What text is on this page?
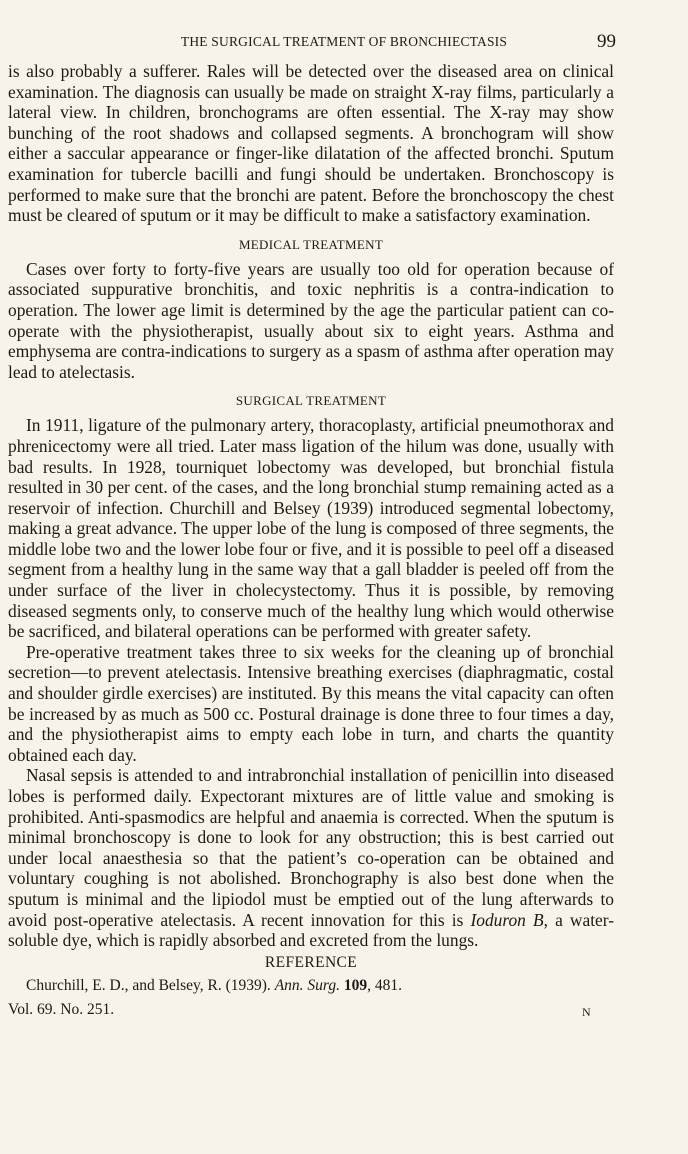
THE SURGICAL TREATMENT OF BRONCHIECTASIS	99

is also probably a sufferer. Rales will be detected over the diseased area on clinical examination. The diagnosis can usually be made on straight X-ray films, particularly a lateral view. In children, bronchograms are often essential. The X-ray may show bunching of the root shadows and collapsed segments. A bronchogram will show either a saccular appearance or finger-like dilatation of the affected bronchi. Sputum examination for tubercle bacilli and fungi should be undertaken. Bronchoscopy is performed to make sure that the bronchi are patent. Before the bronchoscopy the chest must be cleared of sputum or it may be difficult to make a satisfactory examination.

MEDICAL TREATMENT

Cases over forty to forty-five years are usually too old for operation because of associated suppurative bronchitis, and toxic nephritis is a contra-indication to operation. The lower age limit is determined by the age the particular patient can co-operate with the physiotherapist, usually about six to eight years. Asthma and emphysema are contra-indications to surgery as a spasm of asthma after operation may lead to atelectasis.

SURGICAL TREATMENT

In 1911, ligature of the pulmonary artery, thoracoplasty, artificial pneumothorax and phrenicectomy were all tried. Later mass ligation of the hilum was done, usually with bad results. In 1928, tourniquet lobectomy was developed, but bronchial fistula resulted in 30 per cent. of the cases, and the long bronchial stump remaining acted as a reservoir of infection. Churchill and Belsey (1939) introduced segmental lobectomy, making a great advance. The upper lobe of the lung is composed of three segments, the middle lobe two and the lower lobe four or five, and it is possible to peel off a diseased segment from a healthy lung in the same way that a gall bladder is peeled off from the under surface of the liver in cholecystectomy. Thus it is possible, by removing diseased segments only, to conserve much of the healthy lung which would otherwise be sacrificed, and bilateral operations can be performed with greater safety.

Pre-operative treatment takes three to six weeks for the cleaning up of bronchial secretion—to prevent atelectasis. Intensive breathing exercises (diaphragmatic, costal and shoulder girdle exercises) are instituted. By this means the vital capacity can often be increased by as much as 500 cc. Postural drainage is done three to four times a day, and the physiotherapist aims to empty each lobe in turn, and charts the quantity obtained each day.

Nasal sepsis is attended to and intrabronchial installation of penicillin into diseased lobes is performed daily. Expectorant mixtures are of little value and smoking is prohibited. Anti-spasmodics are helpful and anaemia is corrected. When the sputum is minimal bronchoscopy is done to look for any obstruction; this is best carried out under local anaesthesia so that the patient’s co-operation can be obtained and voluntary coughing is not abolished. Bronchography is also best done when the sputum is minimal and the lipiodol must be emptied out of the lung afterwards to avoid post-operative atelectasis. A recent innovation for this is Ioduron B, a water-soluble dye, which is rapidly absorbed and excreted from the lungs.

REFERENCE
Churchill, E. D., and Belsey, R. (1939). Ann. Surg. 109, 481.
Vol. 69. No. 251.	N
